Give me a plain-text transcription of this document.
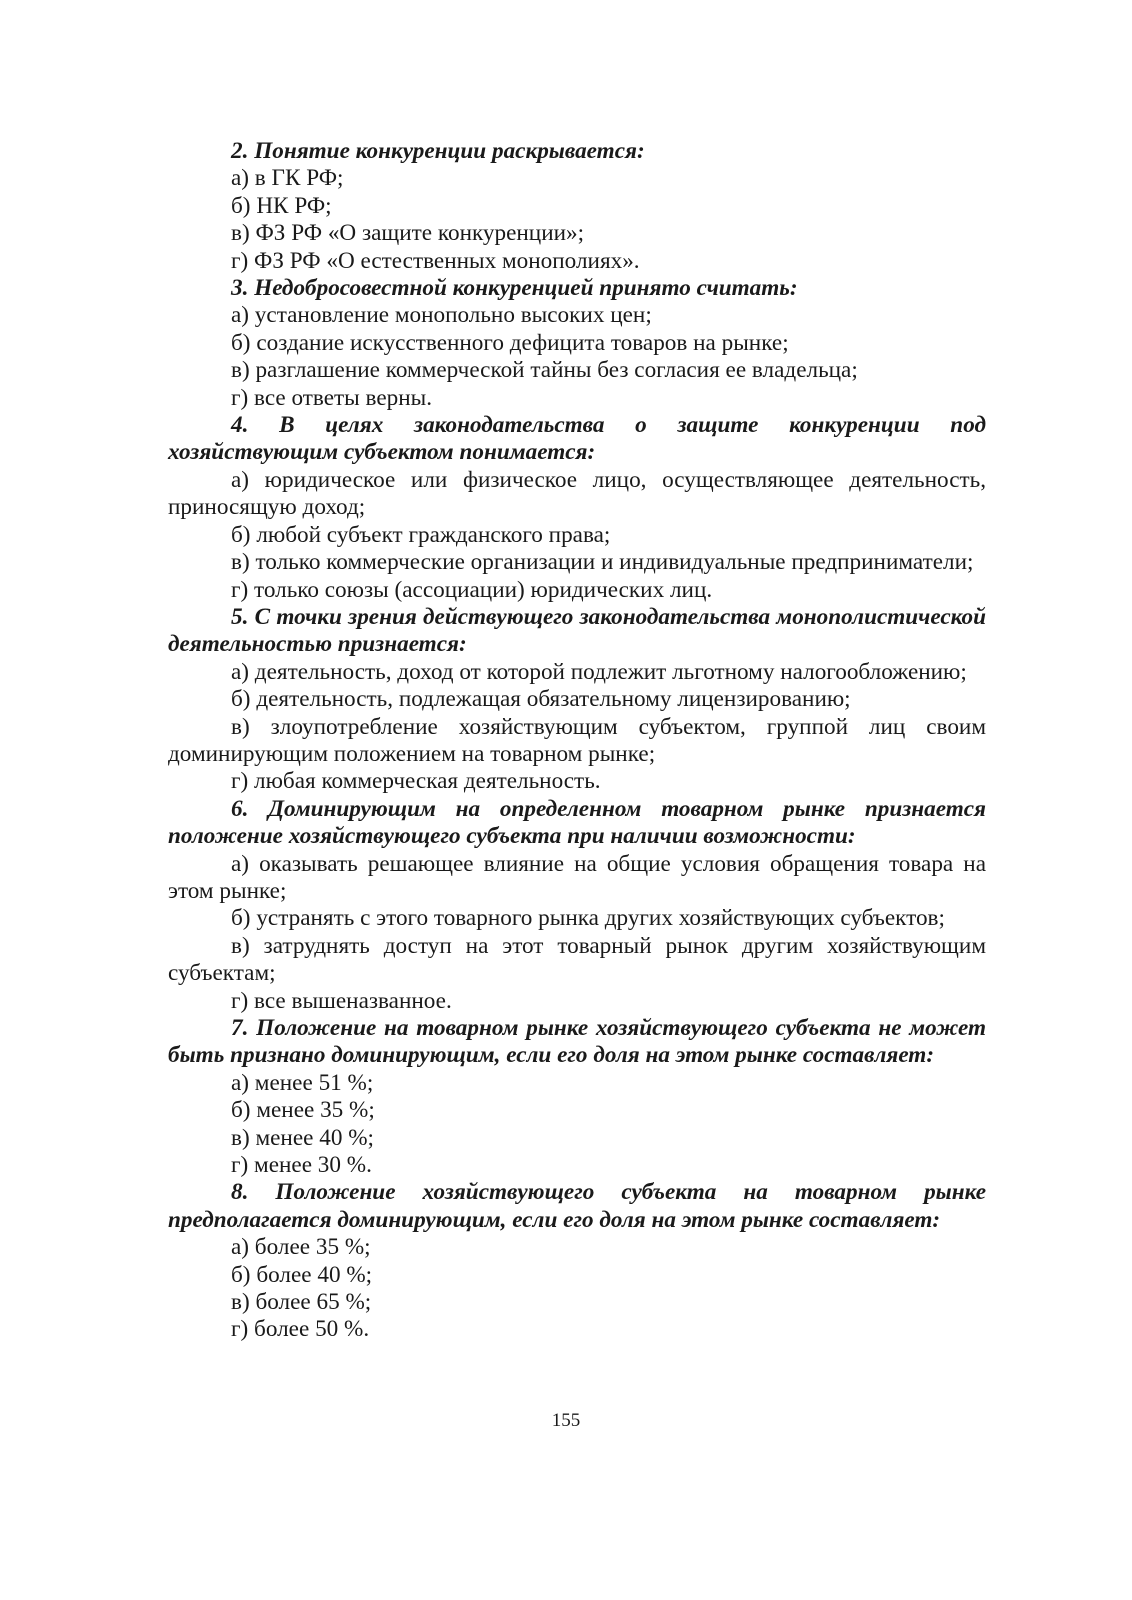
2. Понятие конкуренции раскрывается:

а) в ГК РФ;

б) НК РФ;

в) ФЗ РФ «О защите конкуренции»;

г) ФЗ РФ «О естественных монополиях».

3. Недобросовестной конкуренцией принято считать:

а) установление монопольно высоких цен;

б) создание искусственного дефицита товаров на рынке;

в) разглашение коммерческой тайны без согласия ее владельца;

г) все ответы верны.

4. В целях законодательства о защите конкуренции под хозяйствующим субъектом понимается:

а) юридическое или физическое лицо, осуществляющее деятельность, приносящую доход;

б) любой субъект гражданского права;

в) только коммерческие организации и индивидуальные предприниматели;

г) только союзы (ассоциации) юридических лиц.

5. С точки зрения действующего законодательства монополистической деятельностью признается:

а) деятельность, доход от которой подлежит льготному налогообложению;

б) деятельность, подлежащая обязательному лицензированию;

в) злоупотребление хозяйствующим субъектом, группой лиц своим доминирующим положением на товарном рынке;

г) любая коммерческая деятельность.

6. Доминирующим на определенном товарном рынке признается положение хозяйствующего субъекта при наличии возможности:

а) оказывать решающее влияние на общие условия обращения товара на этом рынке;

б) устранять с этого товарного рынка других хозяйствующих субъектов;

в) затруднять доступ на этот товарный рынок другим хозяйствующим субъектам;

г) все вышеназванное.

7. Положение на товарном рынке хозяйствующего субъекта не может быть признано доминирующим, если его доля на этом рынке составляет:

а) менее 51 %;

б) менее 35 %;

в) менее 40 %;

г) менее 30 %.

8. Положение хозяйствующего субъекта на товарном рынке предполагается доминирующим, если его доля на этом рынке составляет:

а) более 35 %;

б) более 40 %;

в) более 65 %;

г) более 50 %.

155
